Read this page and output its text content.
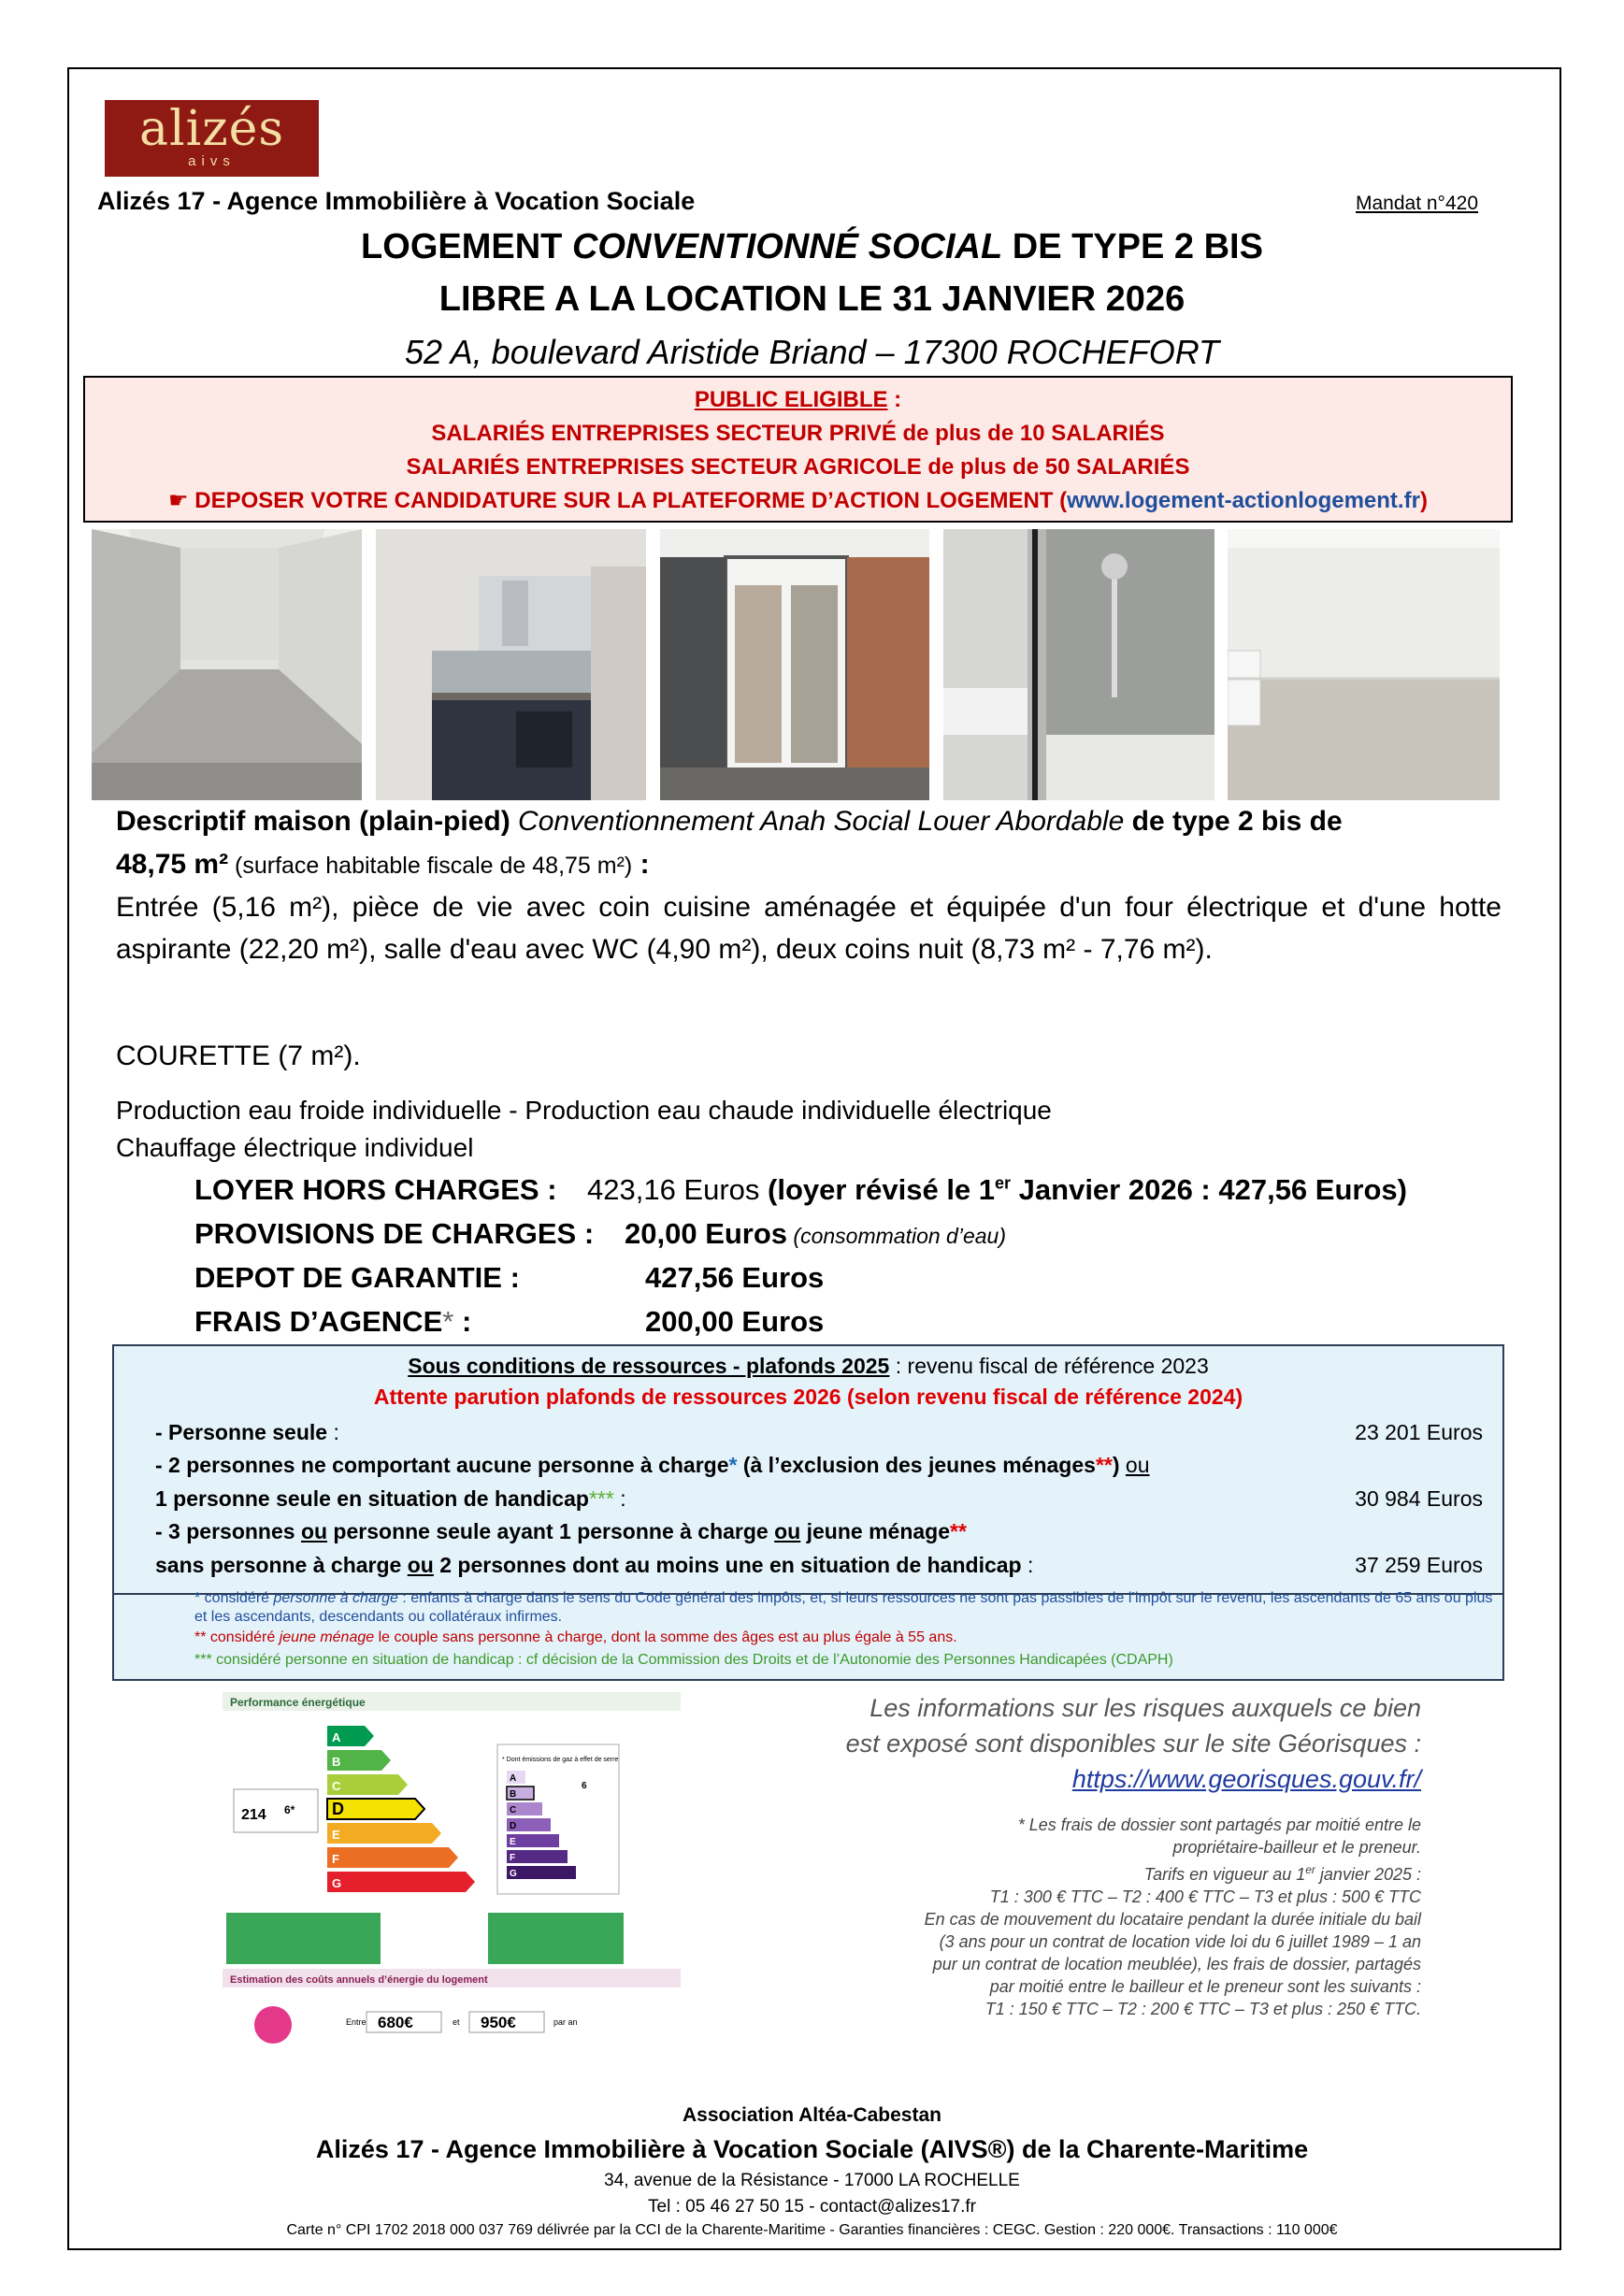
alizés
aivs
Alizés 17 - Agence Immobilière à Vocation Sociale	Mandat n°420
LOGEMENT CONVENTIONNÉ SOCIAL DE TYPE 2 BIS
LIBRE A LA LOCATION LE 31 JANVIER 2026
52 A, boulevard Aristide Briand – 17300 ROCHEFORT
PUBLIC ELIGIBLE :
SALARIÉS ENTREPRISES SECTEUR PRIVÉ de plus de 10 SALARIÉS
SALARIÉS ENTREPRISES SECTEUR AGRICOLE de plus de 50 SALARIÉS
☛ DEPOSER VOTRE CANDIDATURE SUR LA PLATEFORME D’ACTION LOGEMENT (www.logement-actionlogement.fr)
Descriptif maison (plain-pied) Conventionnement Anah Social Louer Abordable de type 2 bis de
48,75 m² (surface habitable fiscale de 48,75 m²) :
Entrée (5,16 m²), pièce de vie avec coin cuisine aménagée et équipée d'un four électrique et d'une hotte aspirante (22,20 m²), salle d'eau avec WC (4,90 m²), deux coins nuit (8,73 m² - 7,76 m²).
COURETTE (7 m²).
Production eau froide individuelle - Production eau chaude individuelle électrique
Chauffage électrique individuel
LOYER HORS CHARGES : 423,16 Euros (loyer révisé le 1er Janvier 2026 : 427,56 Euros)
PROVISIONS DE CHARGES : 20,00 Euros (consommation d’eau)
DEPOT DE GARANTIE :	427,56 Euros
FRAIS D’AGENCE* :	200,00 Euros
Sous conditions de ressources - plafonds 2025 : revenu fiscal de référence 2023
Attente parution plafonds de ressources 2026 (selon revenu fiscal de référence 2024)
- Personne seule :	23 201 Euros
- 2 personnes ne comportant aucune personne à charge* (à l’exclusion des jeunes ménages**) ou
1 personne seule en situation de handicap*** :	30 984 Euros
- 3 personnes ou personne seule ayant 1 personne à charge ou jeune ménage**
sans personne à charge ou 2 personnes dont au moins une en situation de handicap :	37 259 Euros
* considéré personne à charge : enfants à charge dans le sens du Code général des impôts, et, si leurs ressources ne sont pas passibles de l’impôt sur le revenu, les ascendants de 65 ans ou plus et les ascendants, descendants ou collatéraux infirmes.
** considéré jeune ménage le couple sans personne à charge, dont la somme des âges est au plus égale à 55 ans.
*** considéré personne en situation de handicap : cf décision de la Commission des Droits et de l’Autonomie des Personnes Handicapées (CDAPH)
Performance énergétique
A
B
C
D
E
F
G
214 6*
* Dont émissions de gaz à effet de serre
A
B
C
D
E
F
G
6
Estimation des coûts annuels d’énergie du logement
Entre 680€	et 950€	par an
Les informations sur les risques auxquels ce bien
est exposé sont disponibles sur le site Géorisques :
https://www.georisques.gouv.fr/
* Les frais de dossier sont partagés par moitié entre le
propriétaire-bailleur et le preneur.
Tarifs en vigueur au 1er janvier 2025 :
T1 : 300 € TTC – T2 : 400 € TTC – T3 et plus : 500 € TTC
En cas de mouvement du locataire pendant la durée initiale du bail
(3 ans pour un contrat de location vide loi du 6 juillet 1989 – 1 an
pur un contrat de location meublée), les frais de dossier, partagés
par moitié entre le bailleur et le preneur sont les suivants :
T1 : 150 € TTC – T2 : 200 € TTC – T3 et plus : 250 € TTC.
Association Altéa-Cabestan
Alizés 17 - Agence Immobilière à Vocation Sociale (AIVS®) de la Charente-Maritime
34, avenue de la Résistance - 17000 LA ROCHELLE
Tel : 05 46 27 50 15 - contact@alizes17.fr
Carte n° CPI 1702 2018 000 037 769 délivrée par la CCI de la Charente-Maritime - Garanties financières : CEGC. Gestion : 220 000€. Transactions : 110 000€
